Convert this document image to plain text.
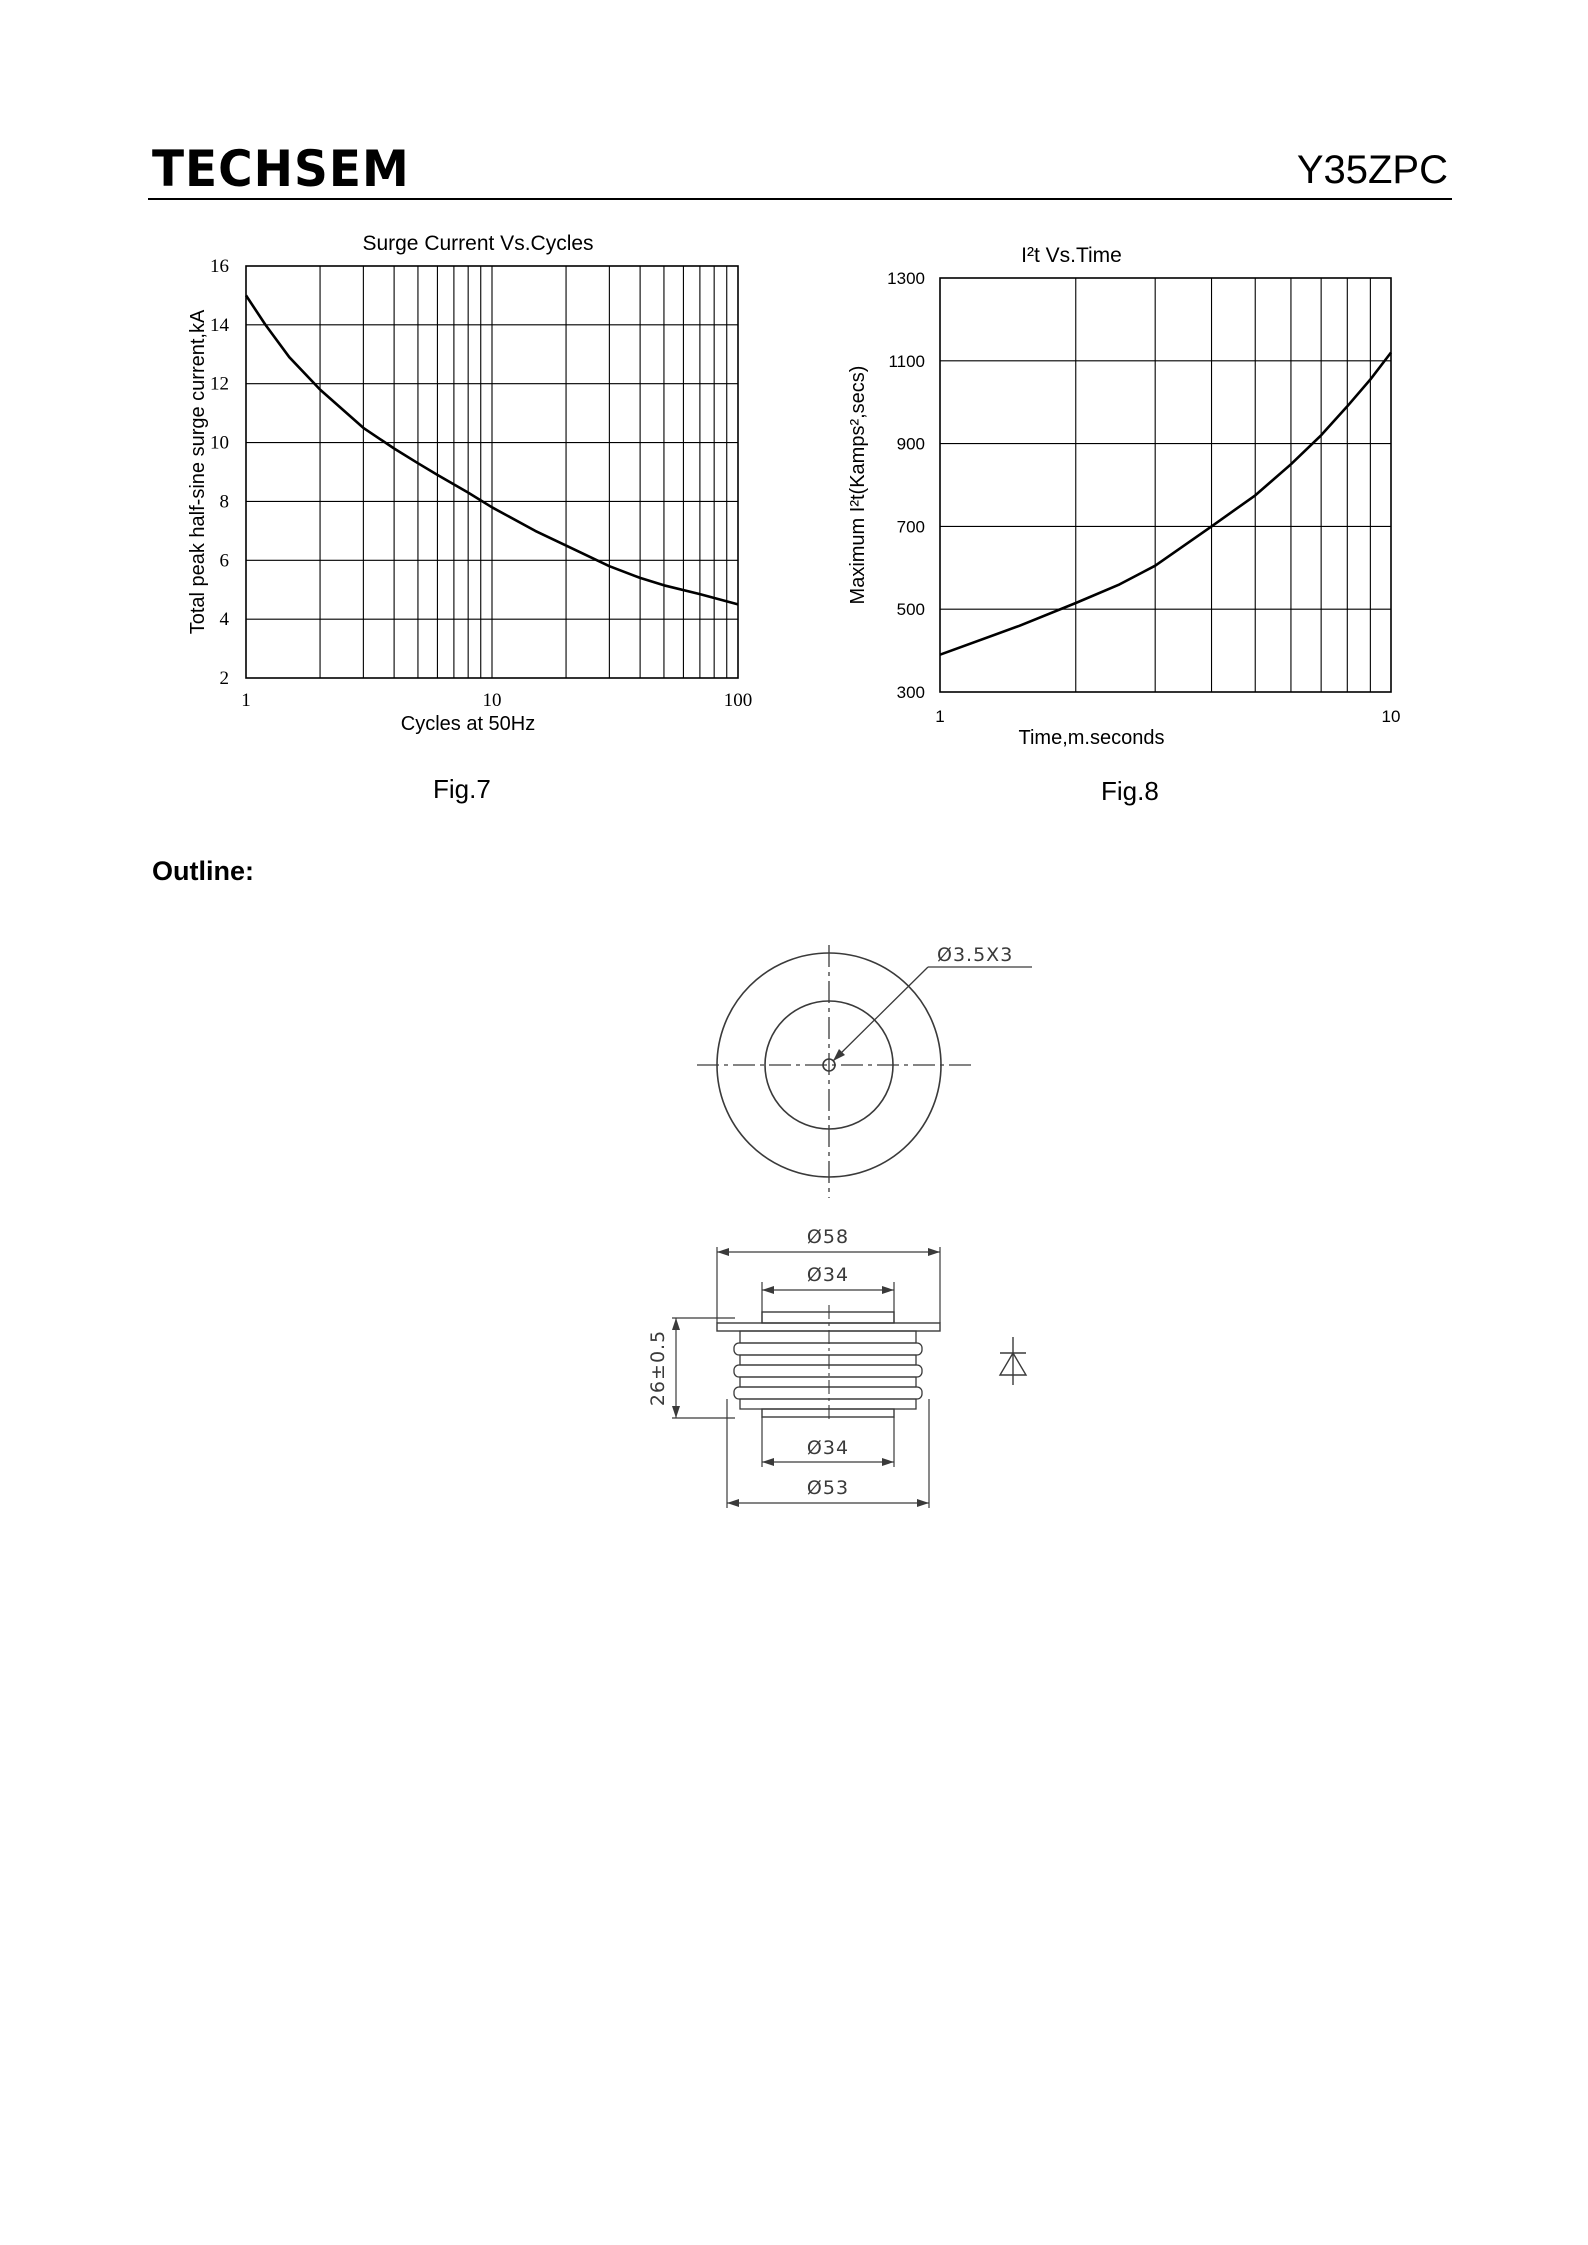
TECHSEM	Y35ZPC
2
4
6
8
10
12
14
16
1	10	100
Surge Current Vs.Cycles
Cycles at 50Hz
Total peak half-sine surge current,kA
300
500
700
900
1100
1300
1	10
I²t Vs.Time
Time,m.seconds
Maximum I²t(Kamps²,secs)
Ø3.5X3
Ø58
Ø34
26±0.5
Ø34
Ø53
Fig.7	Fig.8
Outline:
